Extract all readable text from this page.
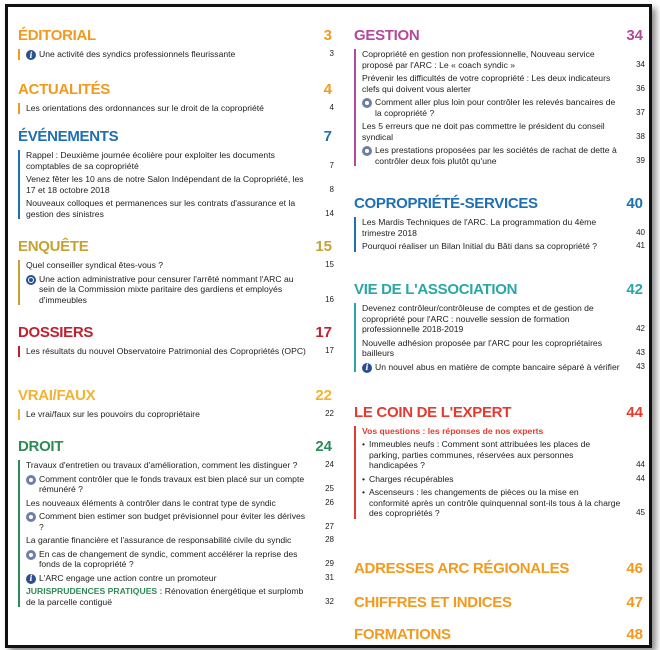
ÉDITORIAL	3
i Une activité des syndics professionnels fleurissante	3
ACTUALITÉS	4
Les orientations des ordonnances sur le droit de la copropriété	4
ÉVÉNEMENTS	7
Rappel : Deuxième journée écolière pour exploiter les documents comptables de sa copropriété	7
Venez fêter les 10 ans de notre Salon Indépendant de la Copropriété, les 17 et 18 octobre 2018	8
Nouveaux colloques et permanences sur les contrats d'assurance et la gestion des sinistres	14
ENQUÊTE	15
Quel conseiller syndical êtes-vous ?	15
Une action administrative pour censurer l'arrêté nommant l'ARC au sein de la Commission mixte paritaire des gardiens et employés d'immeubles	16
DOSSIERS	17
Les résultats du nouvel Observatoire Patrimonial des Copropriétés (OPC)	17
VRAI/FAUX	22
Le vrai/faux sur les pouvoirs du copropriétaire	22
DROIT	24
Travaux d'entretien ou travaux d'amélioration, comment les distinguer ?	24
Comment contrôler que le fonds travaux est bien placé sur un compte rémunéré ?	25
Les nouveaux éléments à contrôler dans le contrat type de syndic	26
Comment bien estimer son budget prévisionnel pour éviter les dérives ?	27
La garantie financière et l'assurance de responsabilité civile du syndic	28
En cas de changement de syndic, comment accélérer la reprise des fonds de la copropriété ?	29
i L'ARC engage une action contre un promoteur	31
JURISPRUDENCES PRATIQUES : Rénovation énergétique et surplomb de la parcelle contiguë	32
GESTION	34
Copropriété en gestion non professionnelle, Nouveau service proposé par l'ARC : Le « coach syndic »	34
Prévenir les difficultés de votre copropriété : Les deux indicateurs clefs qui doivent vous alerter	36
Comment aller plus loin pour contrôler les relevés bancaires de la copropriété ?	37
Les 5 erreurs que ne doit pas commettre le président du conseil syndical	38
Les prestations proposées par les sociétés de rachat de dette à contrôler deux fois plutôt qu'une	39
COPROPRIÉTÉ-SERVICES	40
Les Mardis Techniques de l'ARC. La programmation du 4ème trimestre 2018	40
Pourquoi réaliser un Bilan Initial du Bâti dans sa copropriété ?	41
VIE DE L'ASSOCIATION	42
Devenez contrôleur/contrôleuse de comptes et de gestion de copropriété pour l'ARC : nouvelle session de formation professionnelle 2018-2019	42
Nouvelle adhésion proposée par l'ARC pour les copropriétaires bailleurs	43
i Un nouvel abus en matière de compte bancaire séparé à vérifier 43
LE COIN DE L'EXPERT	44
Vos questions : les réponses de nos experts
• Immeubles neufs : Comment sont attribuées les places de parking, parties communes, réservées aux personnes handicapées ?	44
• Charges récupérables	44
• Ascenseurs : les changements de pièces ou la mise en conformité après un contrôle quinquennal sont-ils tous à la charge des copropriétés ?	45
ADRESSES ARC RÉGIONALES	46
CHIFFRES ET INDICES	47
FORMATIONS	48
